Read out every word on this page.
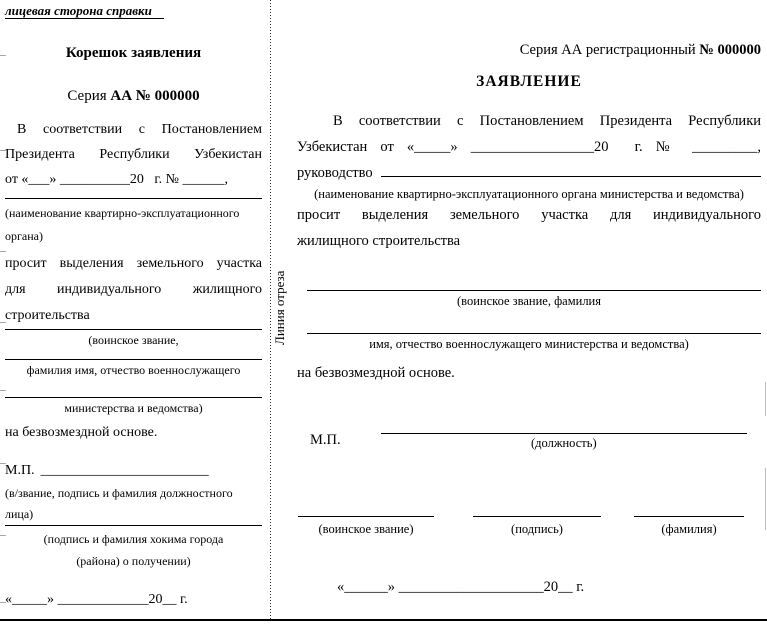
лицевая сторона справки
Корешок заявления
Серия АА № 000000
В соответствии с Постановлением
Президента Республики Узбекистан
от «___» __________20   г. № ______,
(наименование квартирно-эксплуатационного
органа)
просит выделения земельного участка
для индивидуального жилищного
строительства
(воинское звание,
фамилия имя, отчество военнослужащего
министерства и ведомства)
на безвозмездной основе.
М.П. ________________________
(в/звание, подпись и фамилия должностного
лица)
(подпись и фамилия хокима города
(района) о получении)
«_____» _____________20__ г.
Линия отреза
Серия АА регистрационный № 000000
ЗАЯВЛЕНИЕ
В соответствии с Постановлением Президента Республики
Узбекистан от «_____» _________________20  г. № _________,
руководство
(наименование квартирно-эксплуатационного органа министерства и ведомства)
просит выделения земельного участка для индивидуального
жилищного строительства
(воинское звание, фамилия
имя, отчество военнослужащего министерства и ведомства)
на безвозмездной основе.
М.П.	(должность)
(воинское звание)	(подпись)	(фамилия)
«______» ____________________20__ г.
